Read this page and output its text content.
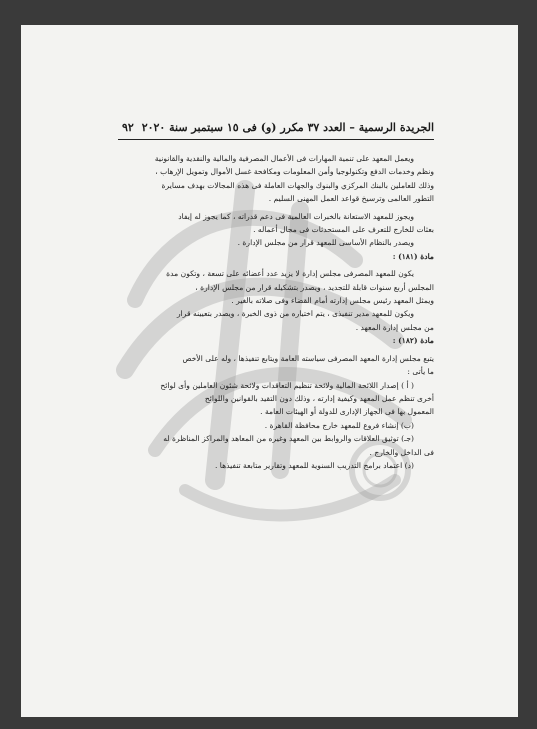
الجريدة الرسمية – العدد ٣٧ مكرر (و) فى ١٥ سبتمبر سنة ٢٠٢٠
٩٢
ويعمل المعهد على تنمية المهارات فى الأعمال المصرفية والمالية والنقدية والقانونية
ونظم وخدمات الدفع وتكنولوجيا وأمن المعلومات ومكافحة غسل الأموال وتمويل الإرهاب ،
وذلك للعاملين بالبنك المركزي والبنوك والجهات العاملة فى هذه المجالات بهدف مسايرة
التطور العالمى وترسيخ قواعد العمل المهنى السليم .
ويجوز للمعهد الاستعانة بالخبرات العالمية فى دعم قدراته ، كما يجوز له إيفاد
بعثات للخارج للتعرف على المستحدثات فى مجال أعماله .
ويصدر بالنظام الأساسى للمعهد قرار من مجلس الإدارة .
مادة (١٨١) :
يكون للمعهد المصرفى مجلس إدارة لا يزيد عدد أعضائه على تسعة ، وتكون مدة
المجلس أربع سنوات قابلة للتجديد ، ويصدر بتشكيله قرار من مجلس الإدارة ،
ويمثل المعهد رئيس مجلس إدارته أمام القضاء وفى صلاته بالغير .
ويكون للمعهد مدير تنفيذى ، يتم اختياره من ذوى الخبرة ، ويصدر بتعيينه قرار
من مجلس إدارة المعهد .
مادة (١٨٢) :
يتبع مجلس إدارة المعهد المصرفى سياسته العامة ويتابع تنفيذها ، وله على الأخص
ما يأتى :
( أ ) إصدار اللائحة المالية ولائحة تنظيم التعاقدات ولائحة شئون العاملين وأى لوائح
أخرى تنظم عمل المعهد وكيفية إدارته ، وذلك دون التقيد بالقوانين واللوائح
المعمول بها فى الجهاز الإدارى للدولة أو الهيئات العامة .
(ب) إنشاء فروع للمعهد خارج محافظة القاهرة .
(جـ) توثيق العلاقات والروابط بين المعهد وغيره من المعاهد والمراكز المناظرة له
فى الداخل والخارج .
(د) اعتماد برامج التدريب السنوية للمعهد وتقارير متابعة تنفيذها .
